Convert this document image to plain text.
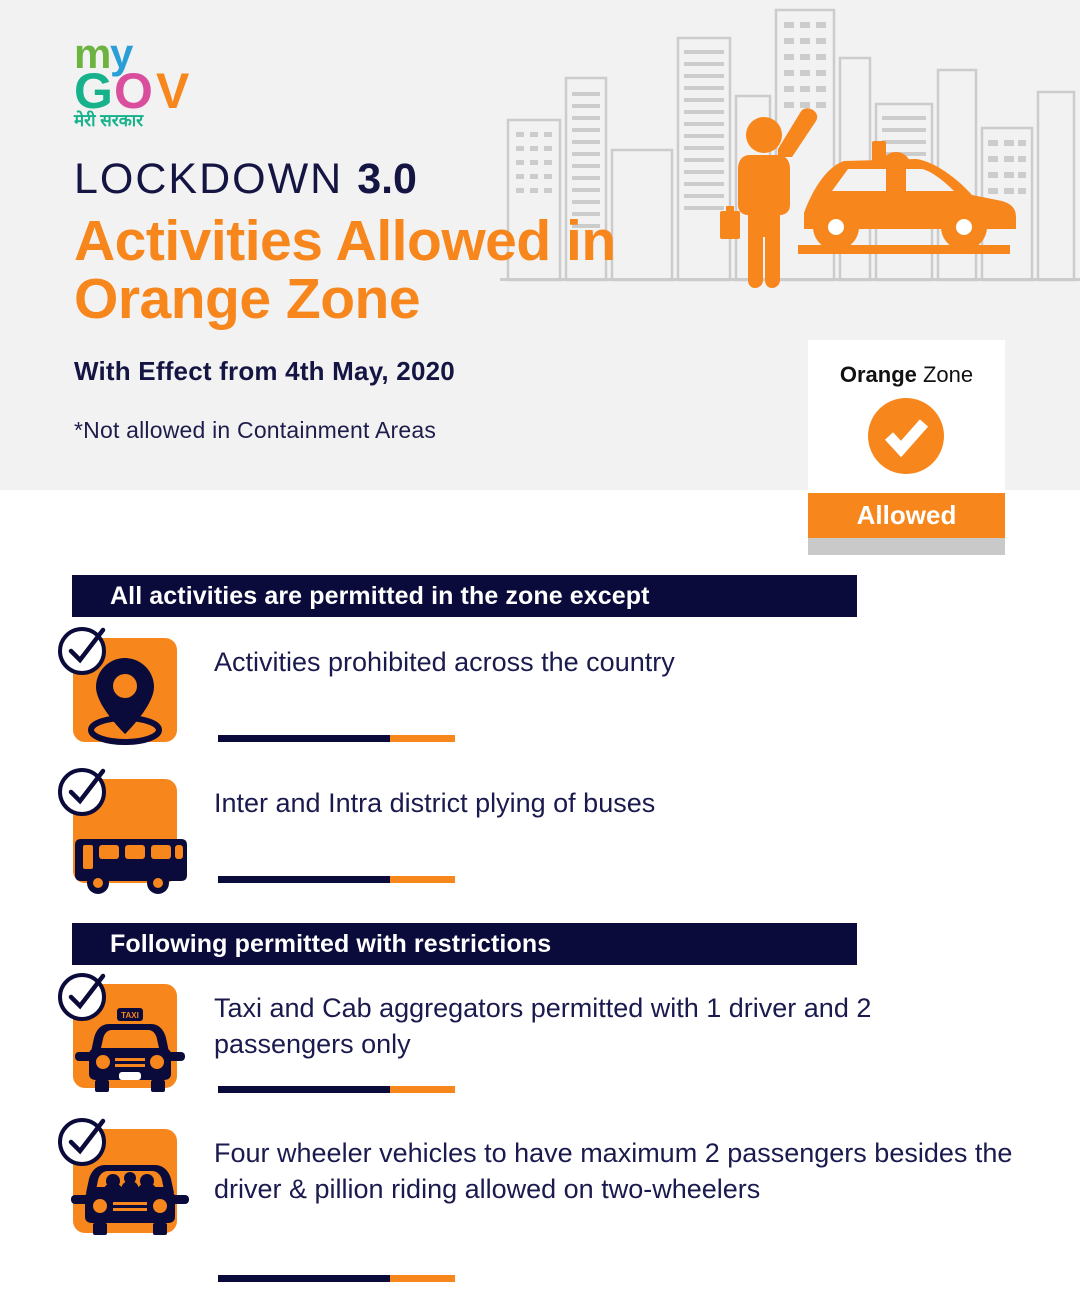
m
y
G O V
मेरी सरकार
LOCKDOWN 3.0
Activities Allowed in Orange Zone
With Effect from 4th May, 2020
*Not allowed in Containment Areas
Orange Zone
Allowed
All activities are permitted in the zone except
Activities prohibited across the country
Inter and Intra district plying of buses
Following permitted with restrictions
TAXI	Taxi and Cab aggregators permitted with 1 driver and 2 passengers only
Four wheeler vehicles to have maximum 2 passengers besides the driver & pillion riding allowed on two-wheelers
